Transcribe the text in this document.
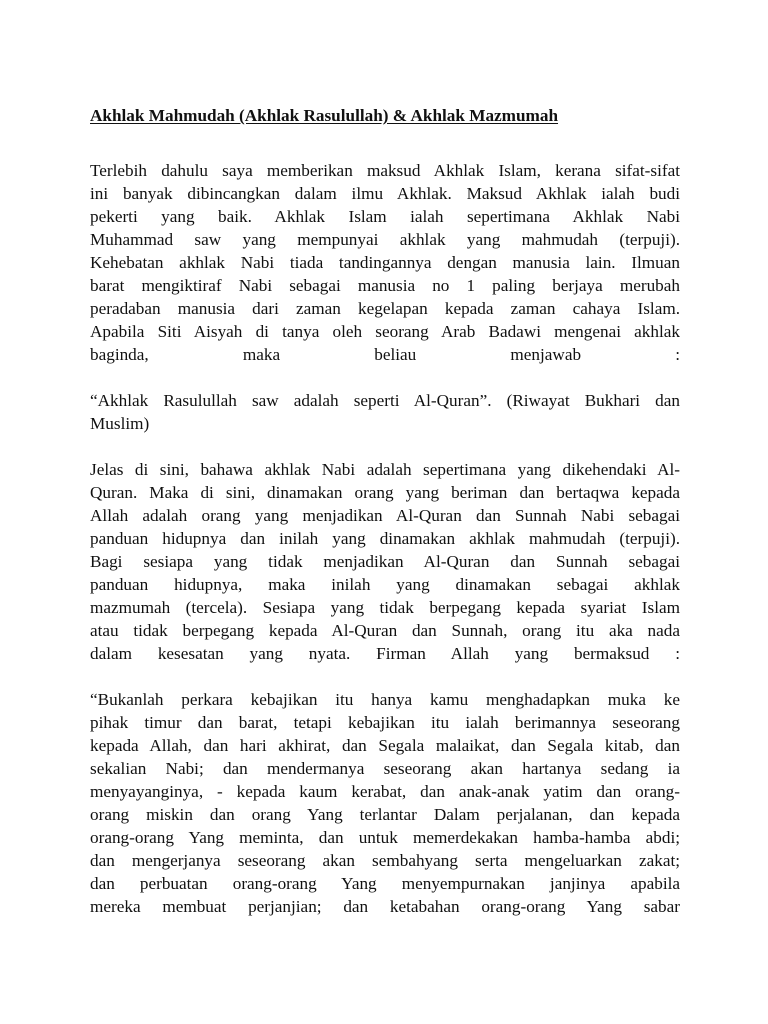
Akhlak Mahmudah (Akhlak Rasulullah) & Akhlak Mazmumah
Terlebih dahulu saya memberikan maksud Akhlak Islam, kerana sifat-sifat
ini banyak dibincangkan dalam ilmu Akhlak. Maksud Akhlak ialah budi
pekerti yang baik. Akhlak Islam ialah sepertimana Akhlak Nabi
Muhammad saw yang mempunyai akhlak yang mahmudah (terpuji).
Kehebatan akhlak Nabi tiada tandingannya dengan manusia lain. Ilmuan
barat mengiktiraf Nabi sebagai manusia no 1 paling berjaya merubah
peradaban manusia dari zaman kegelapan kepada zaman cahaya Islam.
Apabila Siti Aisyah di tanya oleh seorang Arab Badawi mengenai akhlak
baginda, maka beliau menjawab :
“Akhlak Rasulullah saw adalah seperti Al-Quran”. (Riwayat Bukhari dan
Muslim)
Jelas di sini, bahawa akhlak Nabi adalah sepertimana yang dikehendaki Al-
Quran. Maka di sini, dinamakan orang yang beriman dan bertaqwa kepada
Allah adalah orang yang menjadikan Al-Quran dan Sunnah Nabi sebagai
panduan hidupnya dan inilah yang dinamakan akhlak mahmudah (terpuji).
Bagi sesiapa yang tidak menjadikan Al-Quran dan Sunnah sebagai
panduan hidupnya, maka inilah yang dinamakan sebagai akhlak
mazmumah (tercela). Sesiapa yang tidak berpegang kepada syariat Islam
atau tidak berpegang kepada Al-Quran dan Sunnah, orang itu aka nada
dalam kesesatan yang nyata. Firman Allah yang bermaksud :
“Bukanlah perkara kebajikan itu hanya kamu menghadapkan muka ke
pihak timur dan barat, tetapi kebajikan itu ialah berimannya seseorang
kepada Allah, dan hari akhirat, dan Segala malaikat, dan Segala kitab, dan
sekalian Nabi; dan mendermanya seseorang akan hartanya sedang ia
menyayanginya, - kepada kaum kerabat, dan anak-anak yatim dan orang-
orang miskin dan orang Yang terlantar Dalam perjalanan, dan kepada
orang-orang Yang meminta, dan untuk memerdekakan hamba-hamba abdi;
dan mengerjanya seseorang akan sembahyang serta mengeluarkan zakat;
dan perbuatan orang-orang Yang menyempurnakan janjinya apabila
mereka membuat perjanjian; dan ketabahan orang-orang Yang sabar
